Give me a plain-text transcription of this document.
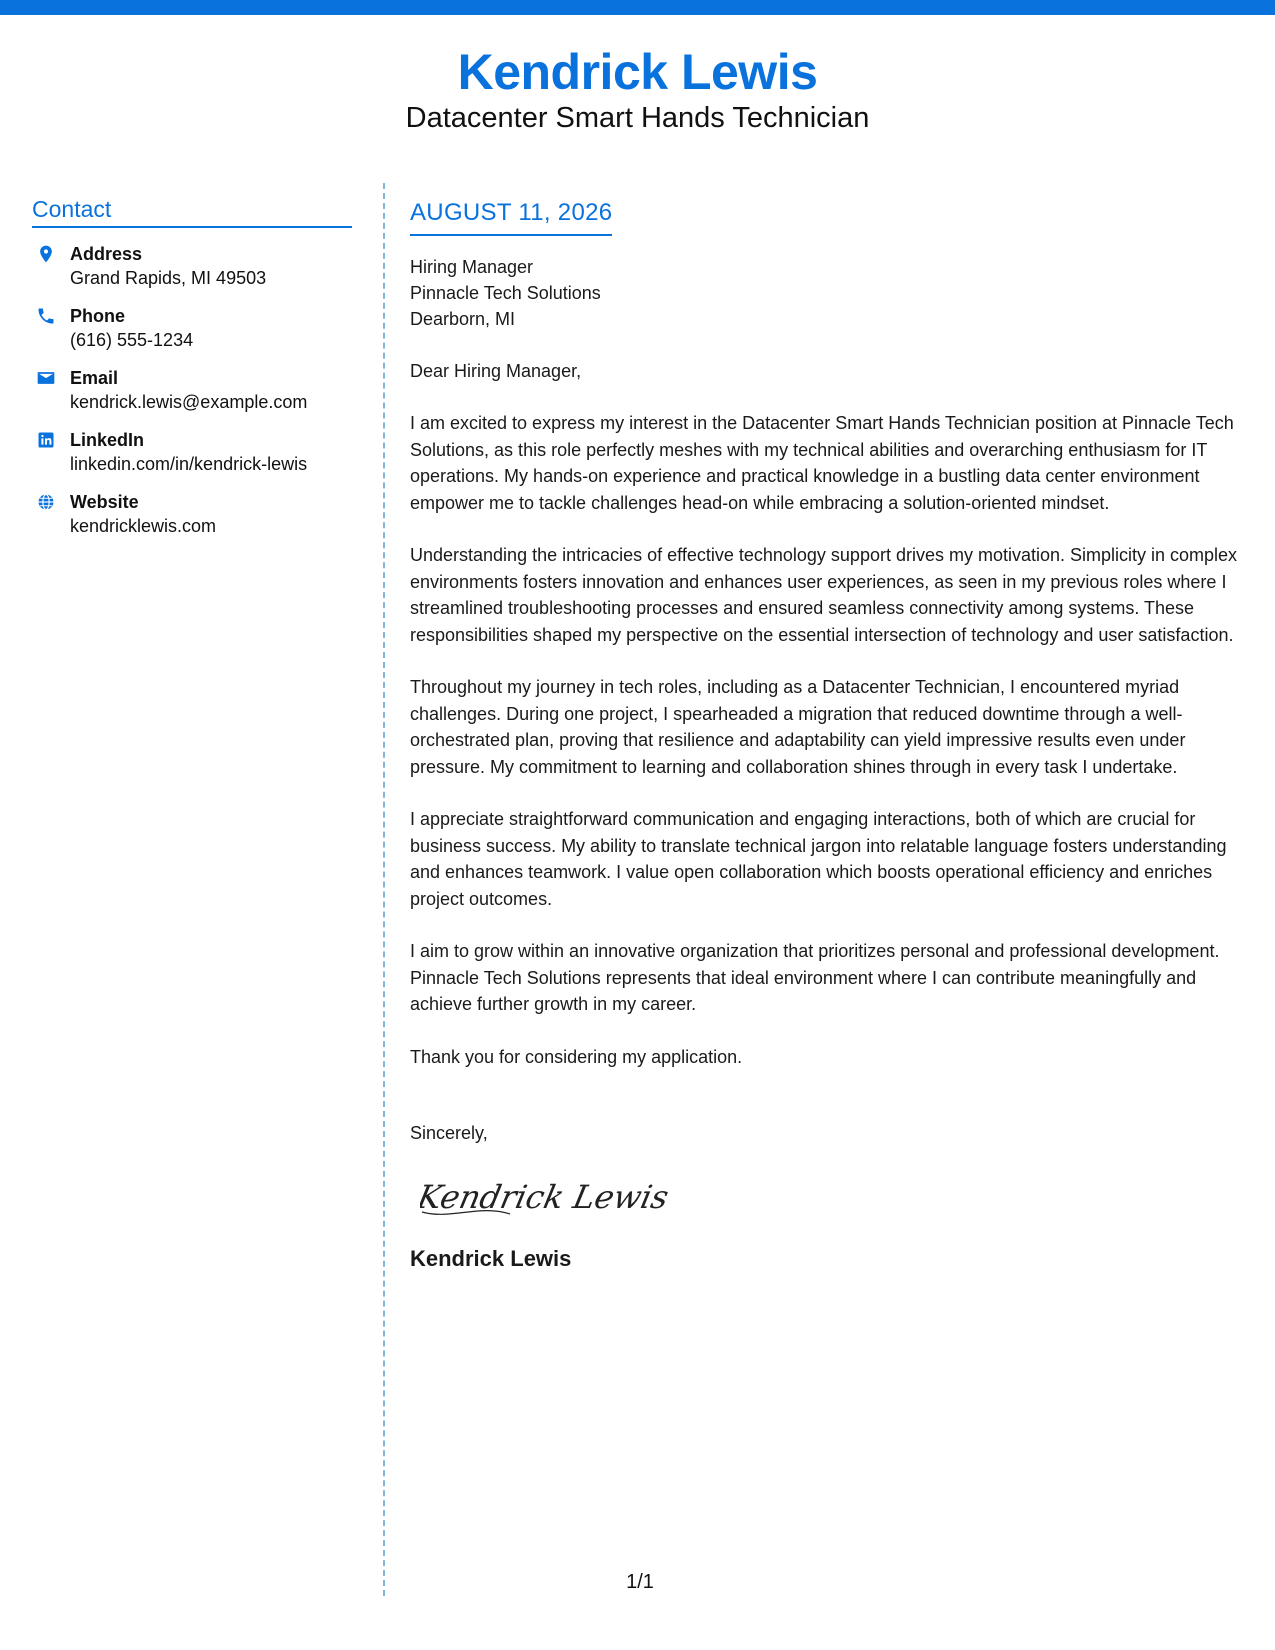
Kendrick Lewis
Datacenter Smart Hands Technician
Contact
Address
Grand Rapids, MI 49503
Phone
(616) 555-1234
Email
kendrick.lewis@example.com
LinkedIn
linkedin.com/in/kendrick-lewis
Website
kendricklewis.com
AUGUST 11, 2026
Hiring Manager
Pinnacle Tech Solutions
Dearborn, MI
Dear Hiring Manager,
I am excited to express my interest in the Datacenter Smart Hands Technician position at Pinnacle Tech Solutions, as this role perfectly meshes with my technical abilities and overarching enthusiasm for IT operations. My hands-on experience and practical knowledge in a bustling data center environment empower me to tackle challenges head-on while embracing a solution-oriented mindset.
Understanding the intricacies of effective technology support drives my motivation. Simplicity in complex environments fosters innovation and enhances user experiences, as seen in my previous roles where I streamlined troubleshooting processes and ensured seamless connectivity among systems. These responsibilities shaped my perspective on the essential intersection of technology and user satisfaction.
Throughout my journey in tech roles, including as a Datacenter Technician, I encountered myriad challenges. During one project, I spearheaded a migration that reduced downtime through a well-orchestrated plan, proving that resilience and adaptability can yield impressive results even under pressure. My commitment to learning and collaboration shines through in every task I undertake.
I appreciate straightforward communication and engaging interactions, both of which are crucial for business success. My ability to translate technical jargon into relatable language fosters understanding and enhances teamwork. I value open collaboration which boosts operational efficiency and enriches project outcomes.
I aim to grow within an innovative organization that prioritizes personal and professional development. Pinnacle Tech Solutions represents that ideal environment where I can contribute meaningfully and achieve further growth in my career.
Thank you for considering my application.
Sincerely,
Kendrick Lewis
Kendrick Lewis
1/1
